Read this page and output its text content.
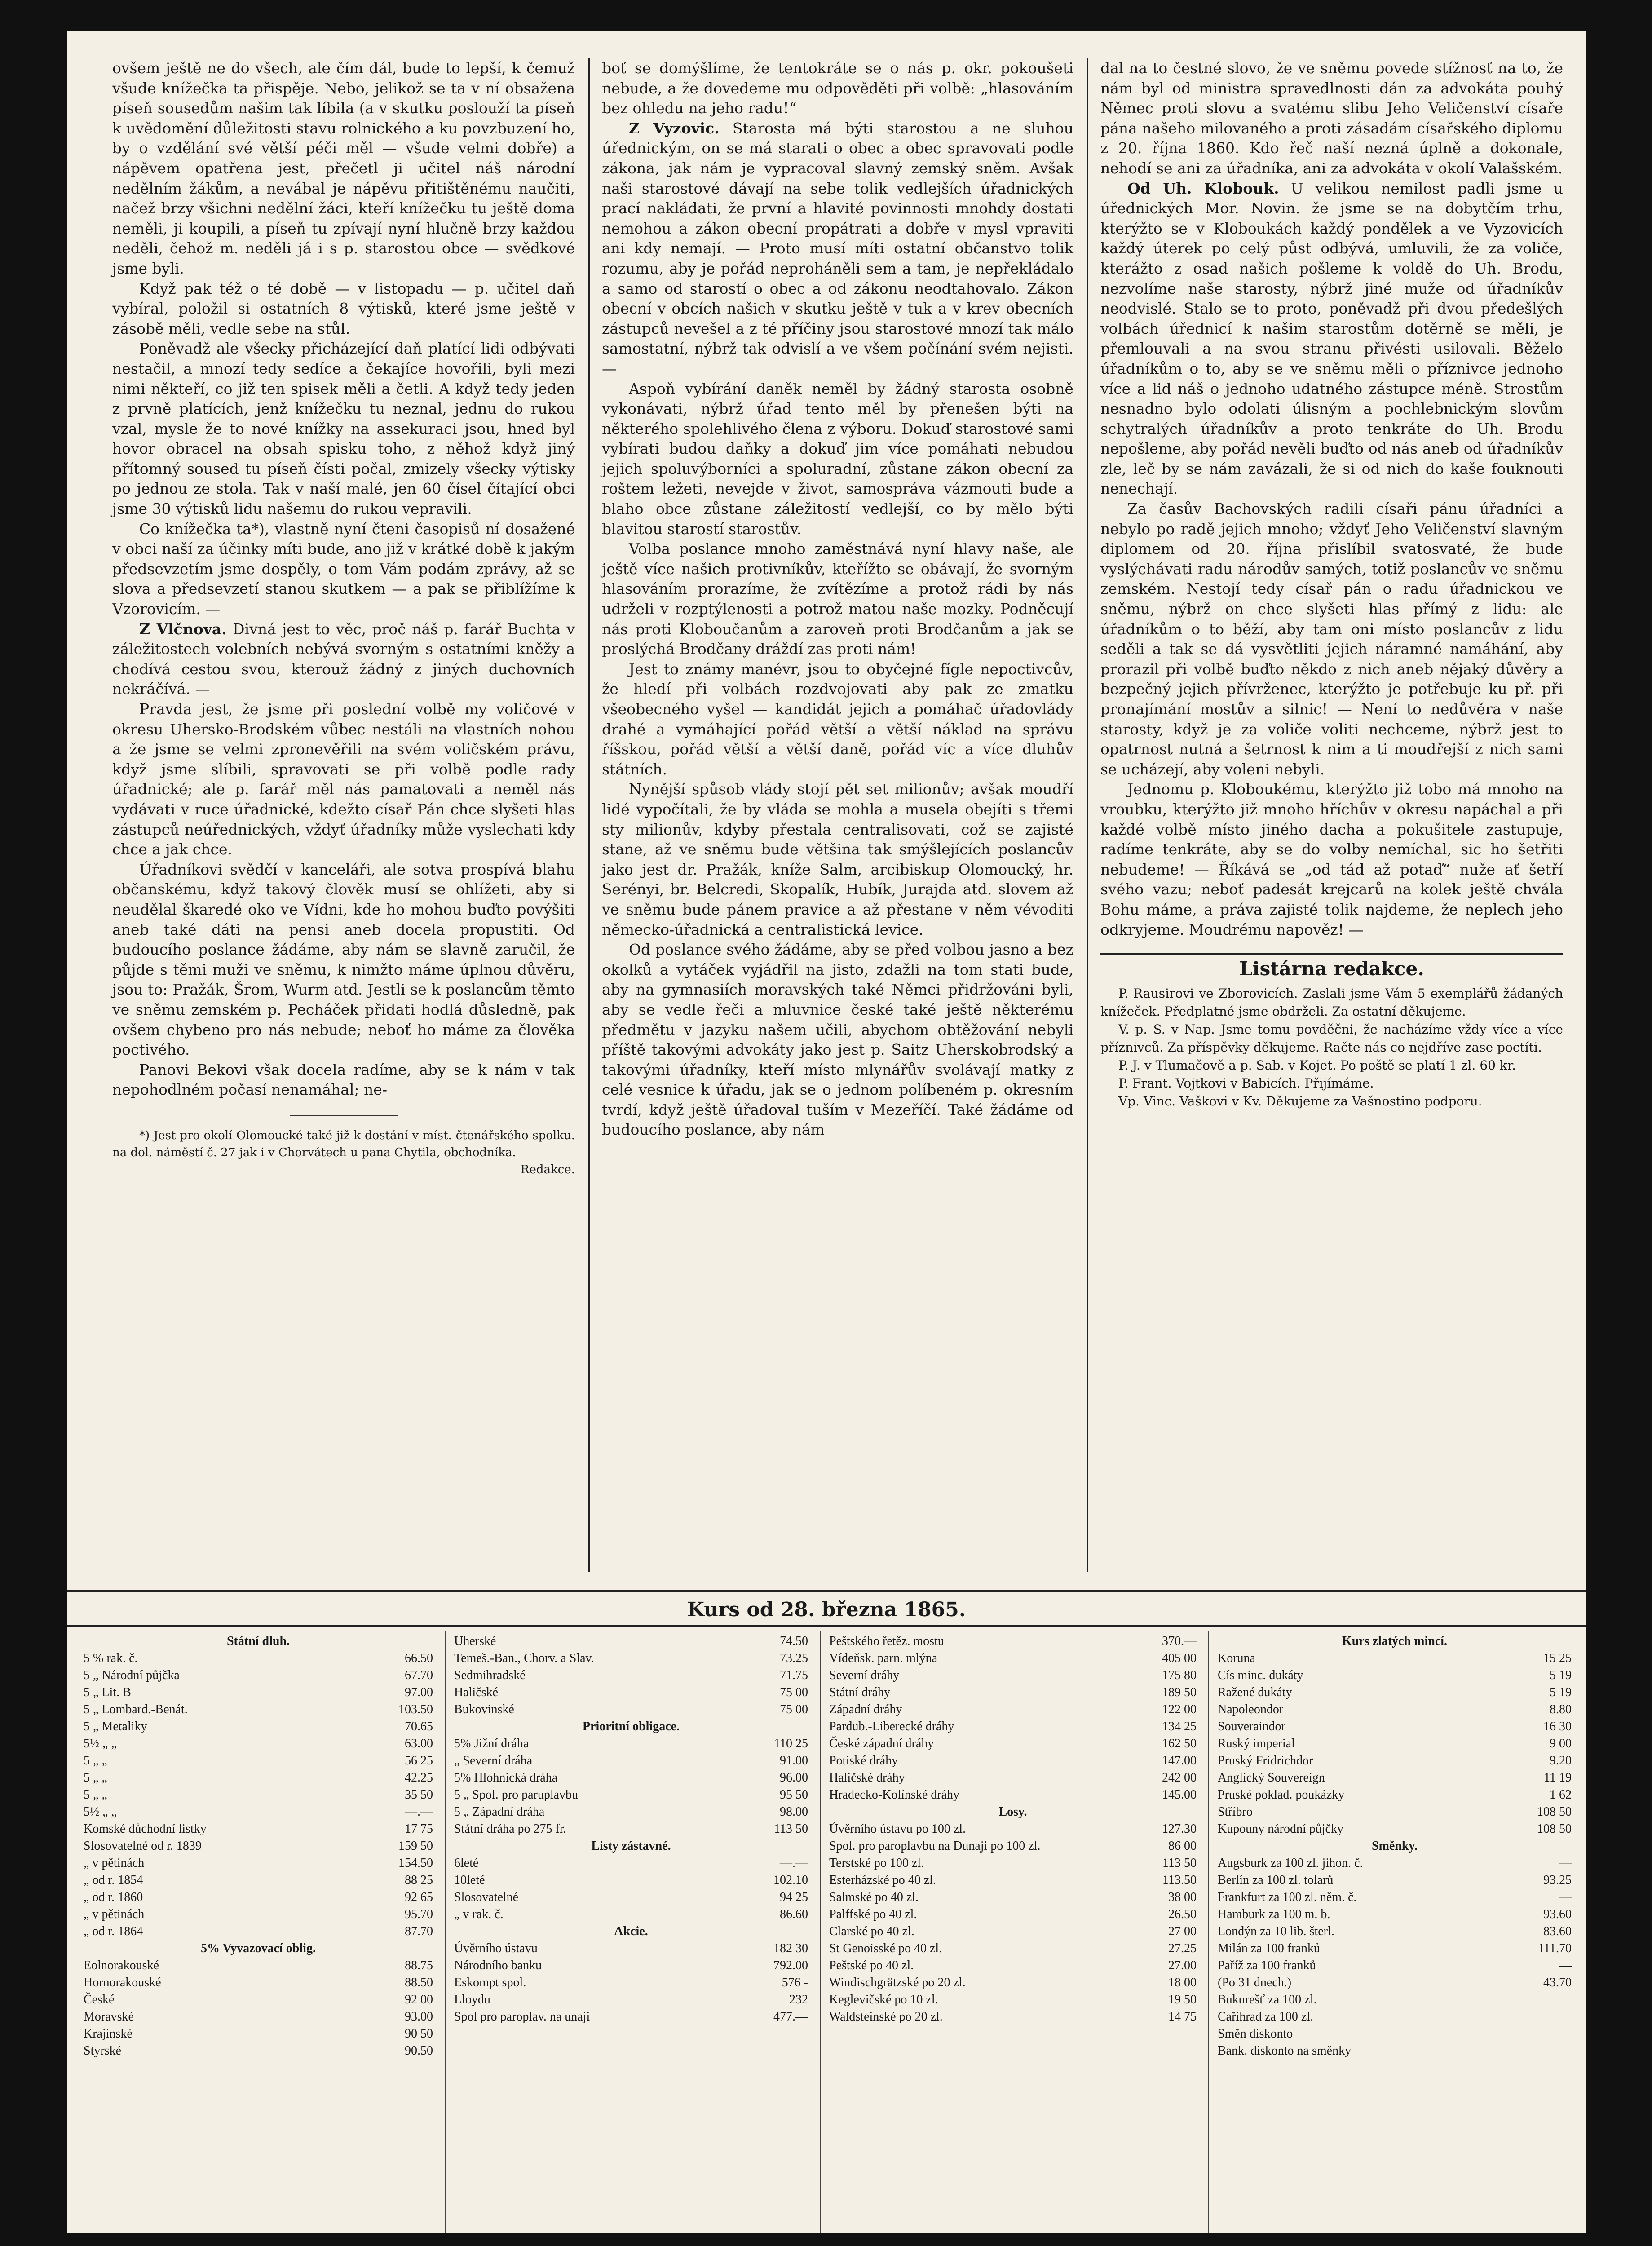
ovšem ještě ne do všech, ale čím dál, bude to lepší, k čemuž všude knížečka ta přispěje. Nebo, jelikož se ta v ní obsažena píseň sousedům našim tak líbila (a v skutku poslouží ta píseň k uvědomění důležitosti stavu rolnického a ku povzbuzení ho, by o vzdělání své větší péči měl — všude velmi dobře) a nápěvem opatřena jest, přečetl ji učitel náš národní nedělním žákům, a nevábal je nápěvu přitištěnému naučiti, načež brzy všichni nedělní žáci, kteří knížečku tu ještě doma neměli, ji koupili, a píseň tu zpívají nyní hlučně brzy každou neděli, čehož m. neděli já i s p. starostou obce — svědkové jsme byli.

Když pak též o té době — v listopadu — p. učitel daň vybíral, položil si ostatních 8 výtisků, které jsme ještě v zásobě měli, vedle sebe na stůl.

Poněvadž ale všecky přicházející daň platící lidi odbývati nestačil, a mnozí tedy sedíce a čekajíce hovořili, byli mezi nimi někteří, co již ten spisek měli a četli. A když tedy jeden z prvně platících, jenž knížečku tu neznal, jednu do rukou vzal, mysle že to nové knížky na assekuraci jsou, hned byl hovor obracel na obsah spisku toho, z něhož když jiný přítomný soused tu píseň čísti počal, zmizely všecky výtisky po jednou ze stola. Tak v naší malé, jen 60 čísel čítající obci jsme 30 výtisků lidu našemu do rukou vepravili.

Co knížečka ta*), vlastně nyní čteni časopisů ní dosažené v obci naší za účinky míti bude, ano již v krátké době k jakým předsevzetím jsme dospěly, o tom Vám podám zprávy, až se slova a předsevzetí stanou skutkem — a pak se přiblížíme k Vzorovicím. —

Z Vlčnova. Divná jest to věc, proč náš p. farář Buchta v záležitostech volebních nebývá svorným s ostatními kněžy a chodívá cestou svou, kterouž žádný z jiných duchovních nekráčívá. —

Pravda jest, že jsme při poslední volbě my voličové v okresu Uhersko-Brodském vůbec nestáli na vlastních nohou a že jsme se velmi zpronevěřili na svém voličském právu, když jsme slíbili, spravovati se při volbě podle rady úřadnické; ale p. farář měl nás pamatovati a neměl nás vydávati v ruce úřadnické, kdežto císař Pán chce slyšeti hlas zástupců neúřednických, vždyť úřadníky může vyslechati kdy chce a jak chce.

Úřadníkovi svědčí v kanceláři, ale sotva prospívá blahu občanskému, když takový člověk musí se ohlížeti, aby si neudělal škaredé oko ve Vídni, kde ho mohou buďto povýšiti aneb také dáti na pensi aneb docela propustiti. Od budoucího poslance žádáme, aby nám se slavně zaručil, že půjde s těmi muži ve sněmu, k nimžto máme úplnou důvěru, jsou to: Pražák, Šrom, Wurm atd. Jestli se k poslancům těmto ve sněmu zemském p. Pecháček přidati hodlá důsledně, pak ovšem chybeno pro nás nebude; neboť ho máme za člověka poctivého.

Panovi Bekovi však docela radíme, aby se k nám v tak nepohodlném počasí nenamáhal; ne-

*) Jest pro okolí Olomoucké také již k dostání v míst. čtenářského spolku. na dol. náměstí č. 27 jak i v Chorvátech u pana Chytila, obchodníka.

Redakce.

boť se domýšlíme, že tentokráte se o nás p. okr. pokoušeti nebude, a že dovedeme mu odpověděti při volbě: „hlasováním bez ohledu na jeho radu!“

Z Vyzovic. Starosta má býti starostou a ne sluhou úřednickým, on se má starati o obec a obec spravovati podle zákona, jak nám je vypracoval slavný zemský sněm. Avšak naši starostové dávají na sebe tolik vedlejších úřadnických prací nakládati, že první a hlavité povinnosti mnohdy dostati nemohou a zákon obecní propátrati a dobře v mysl vpraviti ani kdy nemají. — Proto musí míti ostatní občanstvo tolik rozumu, aby je pořád neproháněli sem a tam, je nepřekládalo a samo od starostí o obec a od zákonu neodtahovalo. Zákon obecní v obcích našich v skutku ještě v tuk a v krev obecních zástupců nevešel a z té příčiny jsou starostové mnozí tak málo samostatní, nýbrž tak odvislí a ve všem počínání svém nejisti. —

Aspoň vybírání daněk neměl by žádný starosta osobně vykonávati, nýbrž úřad tento měl by přenešen býti na některého spolehlivého člena z výboru. Dokuď starostové sami vybírati budou daňky a dokuď jim více pomáhati nebudou jejich spoluvýborníci a spoluradní, zůstane zákon obecní za roštem ležeti, nevejde v život, samospráva vázmouti bude a blaho obce zůstane záležitostí vedlejší, co by mělo býti blavitou starostí starostův.

Volba poslance mnoho zaměstnává nyní hlavy naše, ale ještě více našich protivníkův, kteřížto se obávají, že svorným hlasováním prorazíme, že zvítězíme a protož rádi by nás udrželi v rozptýlenosti a potrož matou naše mozky. Podněcují nás proti Kloboučanům a zaroveň proti Brodčanům a jak se proslýchá Brodčany dráždí zas proti nám!

Jest to známy manévr, jsou to obyčejné fígle nepoctivcův, že hledí při volbách rozdvojovati aby pak ze zmatku všeobecného vyšel — kandidát jejich a pomáhač úřadovlády drahé a vymáhající pořád větší a větší náklad na správu říšskou, pořád větší a větší daně, pořád víc a více dluhův státních.

Nynější spůsob vlády stojí pět set milionův; avšak moudří lidé vypočítali, že by vláda se mohla a musela obejíti s třemi sty milionův, kdyby přestala centralisovati, což se zajisté stane, až ve sněmu bude většina tak smýšlejících poslancův jako jest dr. Pražák, kníže Salm, arcibiskup Olomoucký, hr. Serényi, br. Belcredi, Skopalík, Hubík, Jurajda atd. slovem až ve sněmu bude pánem pravice a až přestane v něm vévoditi německo-úřadnická a centralistická levice.

Od poslance svého žádáme, aby se před volbou jasno a bez okolků a vytáček vyjádřil na jisto, zdažli na tom stati bude, aby na gymnasiích moravských také Němci přidržováni byli, aby se vedle řeči a mluvnice české také ještě některému předmětu v jazyku našem učili, abychom obtěžování nebyli příště takovými advokáty jako jest p. Saitz Uherskobrodský a takovými úřadníky, kteří místo mlynářův svolávají matky z celé vesnice k úřadu, jak se o jednom políbeném p. okresním tvrdí, když ještě úřadoval tuším v Mezeříčí. Také žádáme od budoucího poslance, aby nám

dal na to čestné slovo, že ve sněmu povede stížnosť na to, že nám byl od ministra spravedlnosti dán za advokáta pouhý Němec proti slovu a svatému slibu Jeho Veličenství císaře pána našeho milovaného a proti zásadám císařského diplomu z 20. října 1860. Kdo řeč naší nezná úplně a dokonale, nehodí se ani za úřadníka, ani za advokáta v okolí Valašském.

Od Uh. Klobouk. U velikou nemilost padli jsme u úřednických Mor. Novin. že jsme se na dobytčím trhu, kterýžto se v Kloboukách každý pondělek a ve Vyzovicích každý úterek po celý půst odbývá, umluvili, že za voliče, kterážto z osad našich pošleme k voldě do Uh. Brodu, nezvolíme naše starosty, nýbrž jiné muže od úřadníkův neodvislé. Stalo se to proto, poněvadž při dvou předešlých volbách úřednicí k našim starostům dotěrně se měli, je přemlouvali a na svou stranu přivésti usilovali. Běželo úřadníkům o to, aby se ve sněmu měli o příznivce jednoho více a lid náš o jednoho udatného zástupce méně. Strostům nesnadno bylo odolati úlisným a pochlebnickým slovům schytralých úřadníkův a proto tenkráte do Uh. Brodu nepošleme, aby pořád nevěli buďto od nás aneb od úřadníkův zle, leč by se nám zavázali, že si od nich do kaše fouknouti nenechají.

Za časův Bachovských radili císaři pánu úřadníci a nebylo po radě jejich mnoho; vždyť Jeho Veličenství slavným diplomem od 20. října přislíbil svatosvaté, že bude vyslýchávati radu národův samých, totiž poslancův ve sněmu zemském. Nestojí tedy císař pán o radu úřadnickou ve sněmu, nýbrž on chce slyšeti hlas přímý z lidu: ale úřadníkům o to běží, aby tam oni místo poslancův z lidu seděli a tak se dá vysvětliti jejich náramné namáhání, aby prorazil při volbě buďto někdo z nich aneb nějaký důvěry a bezpečný jejich přívrženec, kterýžto je potřebuje ku př. při pronajímání mostův a silnic! — Není to nedůvěra v naše starosty, když je za voliče voliti nechceme, nýbrž jest to opatrnost nutná a šetrnost k nim a ti moudřejší z nich sami se ucházejí, aby voleni nebyli.

Jednomu p. Kloboukému, kterýžto již tobo má mnoho na vroubku, kterýžto již mnoho hříchův v okresu napáchal a při každé volbě místo jiného dacha a pokušitele zastupuje, radíme tenkráte, aby se do volby nemíchal, sic ho šetřiti nebudeme! — Říkává se „od tád až potaď“ nuže ať šetří svého vazu; neboť padesát krejcarů na kolek ještě chvála Bohu máme, a práva zajisté tolik najdeme, že neplech jeho odkryjeme. Moudrému napověz! —

Listárna redakce.

P. Rausirovi ve Zborovicích. Zaslali jsme Vám 5 exemplářů žádaných knížeček. Předplatné jsme obdrželi. Za ostatní děkujeme.

V. p. S. v Nap. Jsme tomu povděčni, že nacházíme vždy více a více příznivců. Za příspěvky děkujeme. Račte nás co nejdříve zase poctíti.

P. J. v Tlumačově a p. Sab. v Kojet. Po poště se platí 1 zl. 60 kr.

P. Frant. Vojtkovi v Babicích. Přijímáme.

Vp. Vinc. Vaškovi v Kv. Děkujeme za Vašnostino podporu.

Kurs od 28. března 1865.
Státní dluh.	
5 % rak. č.	66.50
5 „ Národní půjčka	67.70
5 „ Lit. B	97.00
5 „ Lombard.-Benát.	103.50
5 „ Metaliky	70.65
5½ „ „	63.00
5 „ „	56 25
5 „ „	42.25
5 „ „	35 50
5½ „ „	—.—
Komské důchodní listky	17 75
Slosovatelné od r. 1839	159 50
„ v pětinách	154.50
„ od r. 1854	88 25
„ od r. 1860	92 65
„ v pětinách	95.70
„ od r. 1864	87.70
5% Vyvazovací oblig.	
Eolnorakouské	88.75
Hornorakouské	88.50
České	92 00
Moravské	93.00
Krajinské	90 50
Styrské	90.50
Uherské	74.50
Temeš.-Ban., Chorv. a Slav.	73.25
Sedmihradské	71.75
Haličské	75 00
Bukovinské	75 00
Prioritní obligace.	
5% Jižní dráha	110 25
„ Severní dráha	91.00
5% Hlohnická dráha	96.00
5 „ Spol. pro paruplavbu	95 50
5 „ Západní dráha	98.00
Státní dráha po 275 fr.	113 50
Listy zástavné.	
6leté	—.—
10leté	102.10
Slosovatelné	94 25
„ v rak. č.	86.60
Akcie.	
Úvěrního ústavu	182 30
Národního banku	792.00
Eskompt spol.	576 -
Lloydu	232
Spol pro paroplav. na unaji	477.—
Peštského řetěz. mostu	370.—
Vídeňsk. parn. mlýna	405 00
Severní dráhy	175 80
Státní dráhy	189 50
Západní dráhy	122 00
Pardub.-Liberecké dráhy	134 25
České západní dráhy	162 50
Potiské dráhy	147.00
Haličské dráhy	242 00
Hradecko-Kolínské dráhy	145.00
Losy.	
Úvěrního ústavu po 100 zl.	127.30
Spol. pro paroplavbu na Dunaji po 100 zl.	86 00
Terstské po 100 zl.	113 50
Esterházské po 40 zl.	113.50
Salmské po 40 zl.	38 00
Palffské po 40 zl.	26.50
Clarské po 40 zl.	27 00
St Genoisské po 40 zl.	27.25
Peštské po 40 zl.	27.00
Windischgrätzské po 20 zl.	18 00
Keglevičské po 10 zl.	19 50
Waldsteinské po 20 zl.	14 75
Kurs zlatých mincí.	
Koruna	15 25
Cís minc. dukáty	5 19
Ražené dukáty	5 19
Napoleondor	8.80
Souveraindor	16 30
Ruský imperial	9 00
Pruský Fridrichdor	9.20
Anglický Souvereign	11 19
Pruské poklad. poukázky	1 62
Stříbro	108 50
Kupouny národní půjčky	108 50
Směnky.	
Augsburk za 100 zl. jihon. č.	—
Berlín za 100 zl. tolarů	93.25
Frankfurt za 100 zl. něm. č.	—
Hamburk za 100 m. b.	93.60
Londýn za 10 lib. šterl.	83.60
Milán za 100 franků	111.70
Paříž za 100 franků	—
(Po 31 dnech.)	43.70
Bukurešť za 100 zl.	
Cařihrad za 100 zl.	
Směn diskonto	
Bank. diskonto na směnky	
